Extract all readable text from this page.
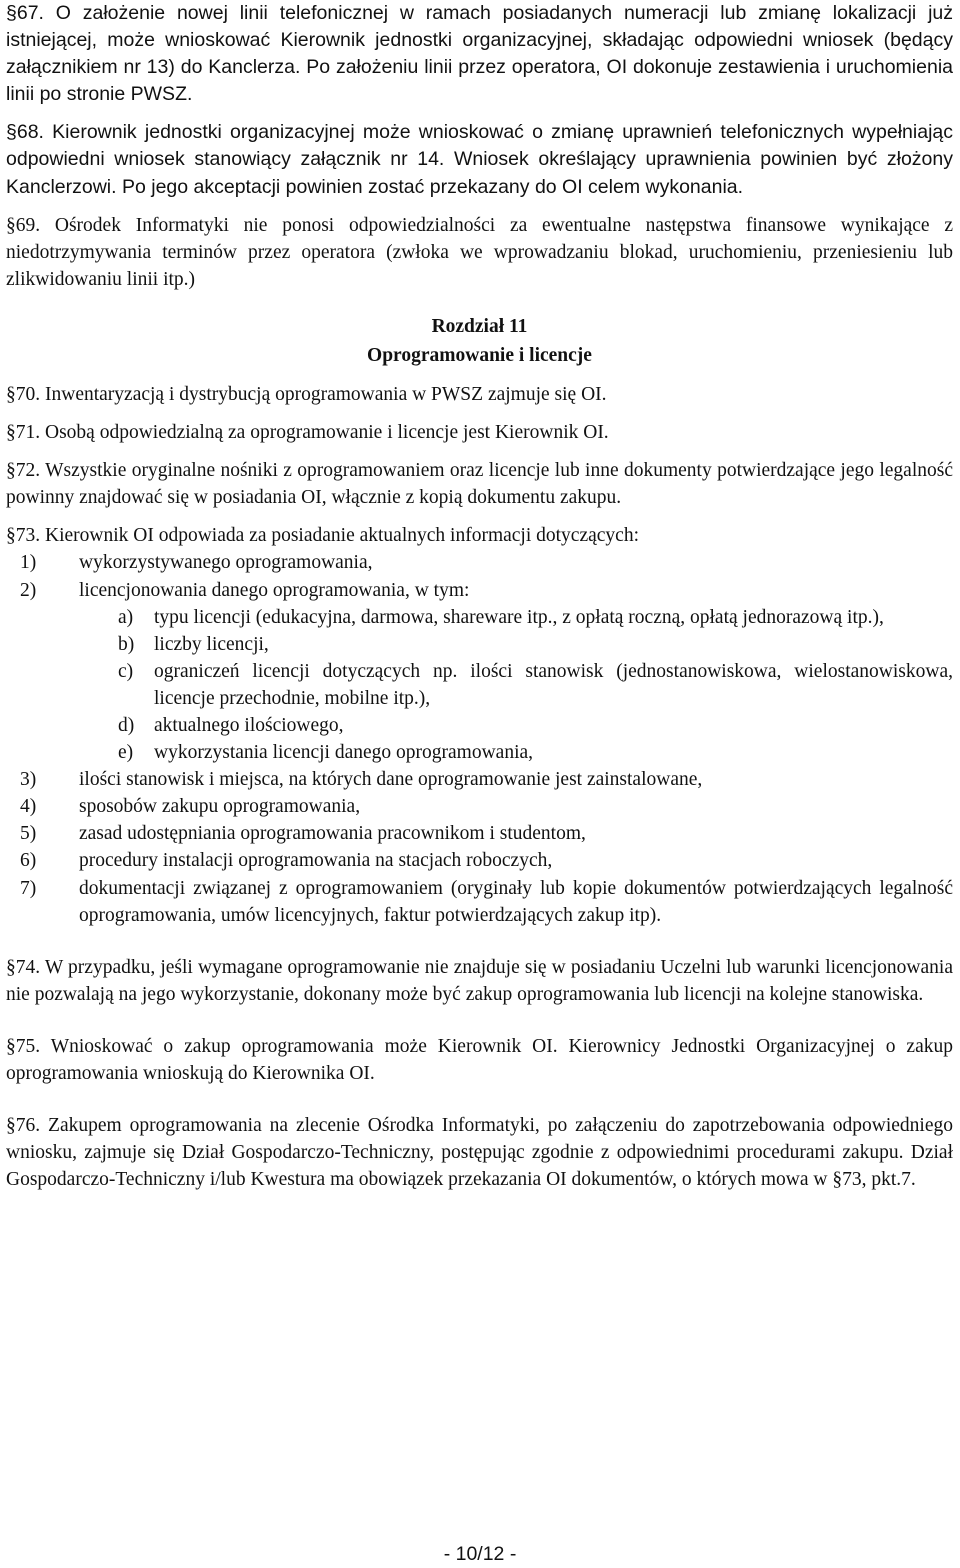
§67. O założenie nowej linii telefonicznej w ramach posiadanych numeracji lub zmianę lokalizacji już istniejącej, może wnioskować Kierownik jednostki organizacyjnej, składając odpowiedni wniosek (będący załącznikiem nr 13) do Kanclerza. Po założeniu linii przez operatora, OI dokonuje zestawienia i uruchomienia linii po stronie PWSZ.

§68. Kierownik jednostki organizacyjnej może wnioskować o zmianę uprawnień telefonicznych wypełniając odpowiedni wniosek stanowiący załącznik nr 14. Wniosek określający uprawnienia powinien być złożony Kanclerzowi. Po jego akceptacji powinien zostać przekazany do OI celem wykonania.

§69. Ośrodek Informatyki nie ponosi odpowiedzialności za ewentualne następstwa finansowe wynikające z niedotrzymywania terminów przez operatora (zwłoka we wprowadzaniu blokad, uruchomieniu, przeniesieniu lub zlikwidowaniu linii itp.)

Rozdział 11
Oprogramowanie i licencje

§70. Inwentaryzacją i dystrybucją oprogramowania w PWSZ zajmuje się OI.

§71. Osobą odpowiedzialną za oprogramowanie i licencje jest Kierownik OI.

§72. Wszystkie oryginalne nośniki z oprogramowaniem oraz licencje lub inne dokumenty potwierdzające jego legalność powinny znajdować się w posiadania OI, włącznie z kopią dokumentu zakupu.

§73. Kierownik OI odpowiada za posiadanie aktualnych informacji dotyczących:

1) wykorzystywanego oprogramowania,
2) licencjonowania danego oprogramowania, w tym:
a) typu licencji (edukacyjna, darmowa, shareware itp., z opłatą roczną, opłatą jednorazową itp.),
b) liczby licencji,
c) ograniczeń licencji dotyczących np. ilości stanowisk (jednostanowiskowa, wielostanowiskowa, licencje przechodnie, mobilne itp.),
d) aktualnego ilościowego,
e) wykorzystania licencji danego oprogramowania,
3) ilości stanowisk i miejsca, na których dane oprogramowanie jest zainstalowane,
4) sposobów zakupu oprogramowania,
5) zasad udostępniania oprogramowania pracownikom i studentom,
6) procedury instalacji oprogramowania na stacjach roboczych,
7) dokumentacji związanej z oprogramowaniem (oryginały lub kopie dokumentów potwierdzających legalność oprogramowania, umów licencyjnych, faktur potwierdzających zakup itp).

§74. W przypadku, jeśli wymagane oprogramowanie nie znajduje się w posiadaniu Uczelni lub warunki licencjonowania nie pozwalają na jego wykorzystanie, dokonany może być zakup oprogramowania lub licencji na kolejne stanowiska.

§75. Wnioskować o zakup oprogramowania może Kierownik OI. Kierownicy Jednostki Organizacyjnej o zakup oprogramowania wnioskują do Kierownika OI.

§76. Zakupem oprogramowania na zlecenie Ośrodka Informatyki, po załączeniu do zapotrzebowania odpowiedniego wniosku, zajmuje się Dział Gospodarczo-Techniczny, postępując zgodnie z odpowiednimi procedurami zakupu. Dział Gospodarczo-Techniczny i/lub Kwestura ma obowiązek przekazania OI dokumentów, o których mowa w §73, pkt.7.

- 10/12 -
